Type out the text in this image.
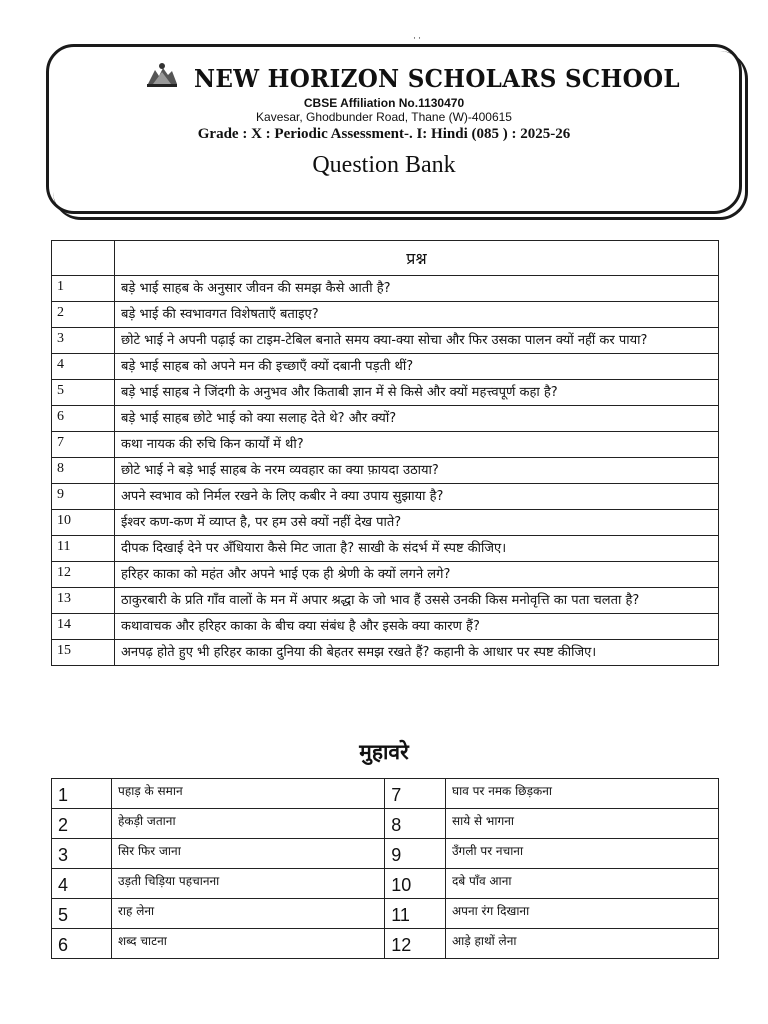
˙˙
NEW HORIZON SCHOLARS SCHOOL
CBSE Affiliation No.1130470
Kavesar, Ghodbunder Road, Thane (W)-400615
Grade : X : Periodic Assessment-. I: Hindi (085 ) : 2025-26
Question Bank
	प्रश्न
1	बड़े भाई साहब के अनुसार जीवन की समझ कैसे आती है?
2	बड़े भाई की स्वभावगत विशेषताएँ बताइए?
3	छोटे भाई ने अपनी पढ़ाई का टाइम-टेबिल बनाते समय क्या-क्या सोचा और फिर उसका पालन क्यों नहीं कर पाया?
4	बड़े भाई साहब को अपने मन की इच्छाएँ क्यों दबानी पड़ती थीं?
5	बड़े भाई साहब ने जिंदगी के अनुभव और किताबी ज्ञान में से किसे और क्यों महत्त्वपूर्ण कहा है?
6	बड़े भाई साहब छोटे भाई को क्या सलाह देते थे? और क्यों?
7	कथा नायक की रुचि किन कार्यों में थी?
8	छोटे भाई ने बड़े भाई साहब के नरम व्यवहार का क्या फ़ायदा उठाया?
9	अपने स्वभाव को निर्मल रखने के लिए कबीर ने क्या उपाय सुझाया है?
10	ईश्वर कण-कण में व्याप्त है, पर हम उसे क्यों नहीं देख पाते?
11	दीपक दिखाई देने पर अँधियारा कैसे मिट जाता है? साखी के संदर्भ में स्पष्ट कीजिए।
12	हरिहर काका को महंत और अपने भाई एक ही श्रेणी के क्यों लगने लगे?
13	ठाकुरबारी के प्रति गाँव वालों के मन में अपार श्रद्धा के जो भाव हैं उससे उनकी किस मनोवृत्ति का पता चलता है?
14	कथावाचक और हरिहर काका के बीच क्या संबंध है और इसके क्या कारण हैं?
15	अनपढ़ होते हुए भी हरिहर काका दुनिया की बेहतर समझ रखते हैं? कहानी के आधार पर स्पष्ट कीजिए।
मुहावरे
1	पहाड़ के समान	7	घाव पर नमक छिड़कना
2	हेकड़ी जताना	8	साये से भागना
3	सिर फिर जाना	9	उँगली पर नचाना
4	उड़ती चिड़िया पहचानना	10	दबे पाँव आना
5	राह लेना	11	अपना रंग दिखाना
6	शब्द चाटना	12	आड़े हाथों लेना
